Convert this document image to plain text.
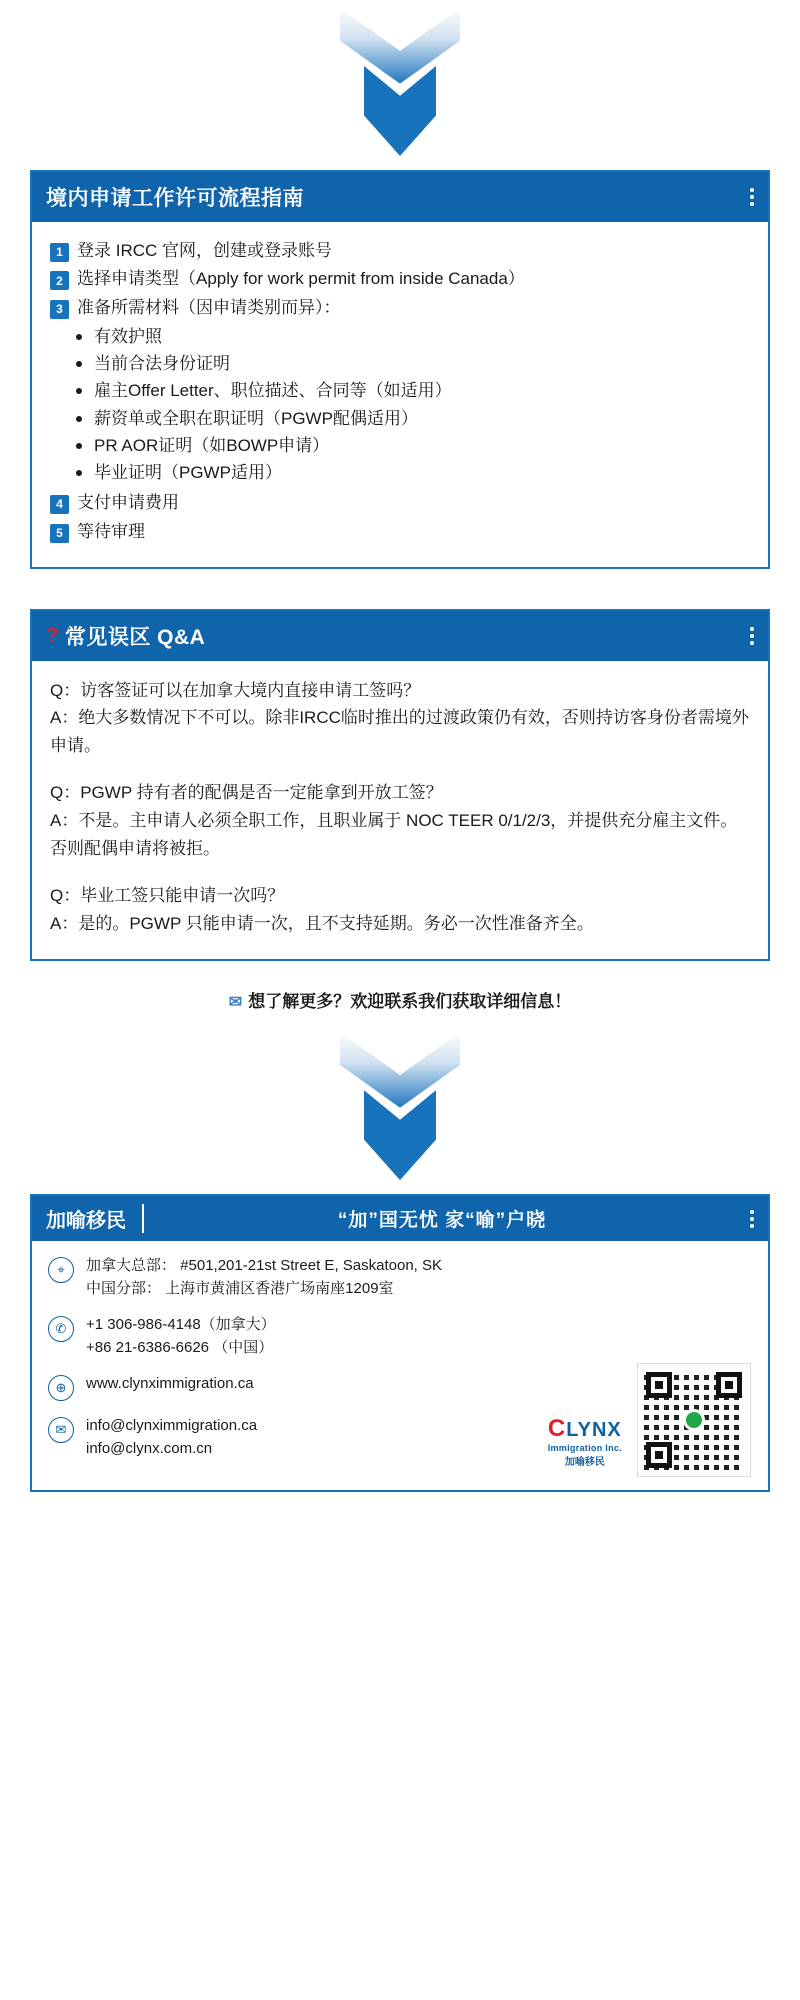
境内申请工作许可流程指南
1 登录 IRCC 官网，创建或登录账号
2 选择申请类型（Apply for work permit from inside Canada）
3 准备所需材料（因申请类别而异）：
有效护照
当前合法身份证明
雇主Offer Letter、职位描述、合同等（如适用）
薪资单或全职在职证明（PGWP配偶适用）
PR AOR证明（如BOWP申请）
毕业证明（PGWP适用）
4 支付申请费用
5 等待审理
? 常见误区 Q&A
Q：访客签证可以在加拿大境内直接申请工签吗？
A：绝大多数情况下不可以。除非IRCC临时推出的过渡政策仍有效，否则持访客身份者需境外申请。
Q：PGWP 持有者的配偶是否一定能拿到开放工签？
A：不是。主申请人必须全职工作，且职业属于 NOC TEER 0/1/2/3，并提供充分雇主文件。否则配偶申请将被拒。
Q：毕业工签只能申请一次吗？
A：是的。PGWP 只能申请一次，且不支持延期。务必一次性准备齐全。
✉ 想了解更多？欢迎联系我们获取详细信息！
加喻移民	“加”国无忧 家“喻”户晓
⌖	加拿大总部： #501,201-21st Street E, Saskatoon, SK
中国分部： 上海市黄浦区香港广场南座1209室
✆	+1 306-986-4148（加拿大）
+86 21-6386-6626 （中国）
⊕	www.clynximmigration.ca
✉	info@clynximmigration.ca
info@clynx.com.cn
CLYNX
Immigration Inc.
加喻移民
